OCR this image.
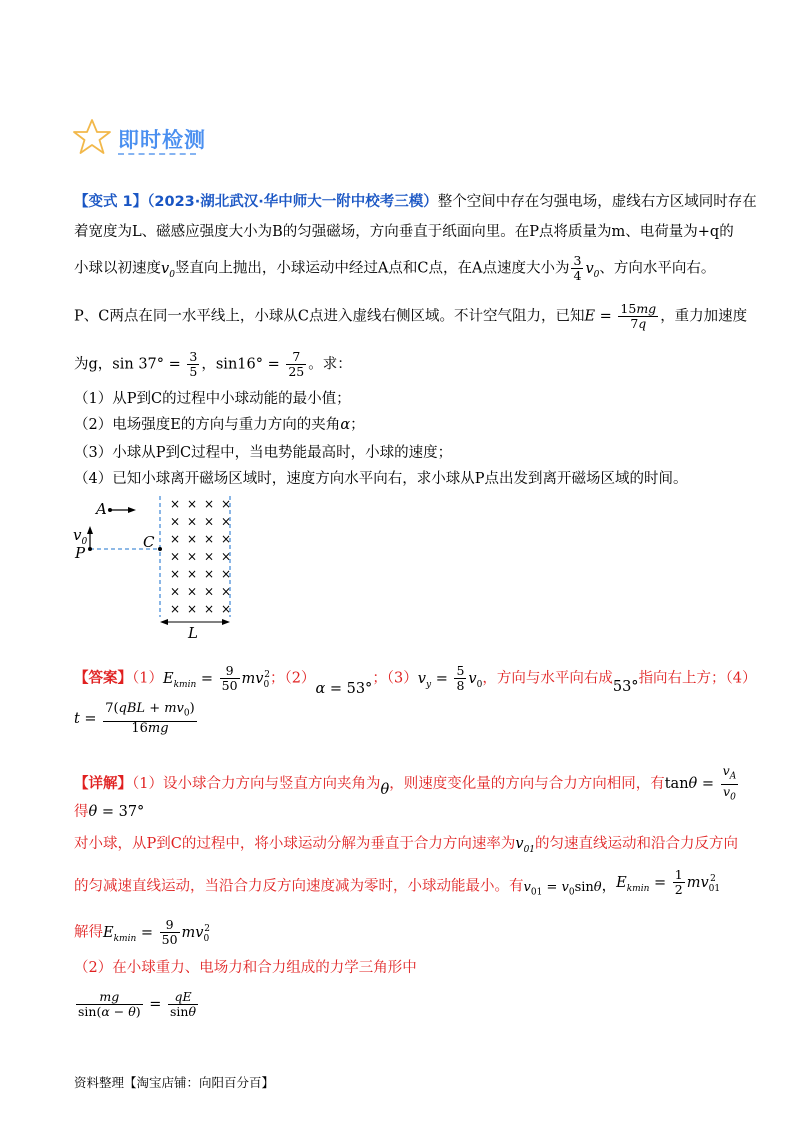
即时检测
【变式 1】（2023·湖北武汉·华中师大一附中校考三模）整个空间中存在匀强电场，虚线右方区域同时存在
着宽度为L、磁感应强度大小为B的匀强磁场，方向垂直于纸面向里。在P点将质量为m、电荷量为+q的
小球以初速度$v_0$竖直向上抛出，小球运动中经过A点和C点，在A点速度大小为 $\frac{3}{4} v_0$、方向水平向右。
P、C两点在同一水平线上，小球从C点进入虚线右侧区域。不计空气阻力，已知$E = \frac{15mg}{7q}$ ，重力加速度
为g，$\sin 37^\circ = \frac{3}{5}$ ，$\sin 16^\circ = \frac{7}{25}$ 。求：
（1）从P到C的过程中小球动能的最小值；
（2）电场强度E的方向与重力方向的夹角α；
（3）小球从P到C过程中，当电势能最高时，小球的速度；
（4）已知小球离开磁场区域时，速度方向水平向右，求小球从P点出发到离开磁场区域的时间。
× × × ×
× × × ×
× × × ×
× × × ×
× × × ×
× × × ×
× × × ×
A
$v_0$
P
C
L
【答案】$(1)E_{kmin} = \frac{9}{50} mv_0^2$；（2）α = 53°；$(3)v_y = \frac{5}{8} v_0$，方向与水平向右成53°指向右上方；（4）
$t = \frac{7(qBL + mv_0)}{16mg}$
【详解】（1）设小球合力方向与竖直方向夹角为θ，则速度变化量的方向与合力方向相同，有$\tan\theta = \frac{v_A}{v_0}$
得θ = 37°
对小球，从P到C的过程中，将小球运动分解为垂直于合力方向速率为$v_{01}$的匀速直线运动和沿合力反方向
的匀减速直线运动，当沿合力反方向速度减为零时，小球动能最小。有$v_{01} = v_0\sin\theta$，$E_{kmin} = \frac{1}{2} mv_{01}^2$
解得$E_{kmin} = \frac{9}{50} mv_0^2$
（2）在小球重力、电场力和合力组成的力学三角形中
$\frac{mg}{\sin(\alpha - \theta)} = \frac{qE}{\sin\theta}$
资料整理【淘宝店铺：向阳百分百】
